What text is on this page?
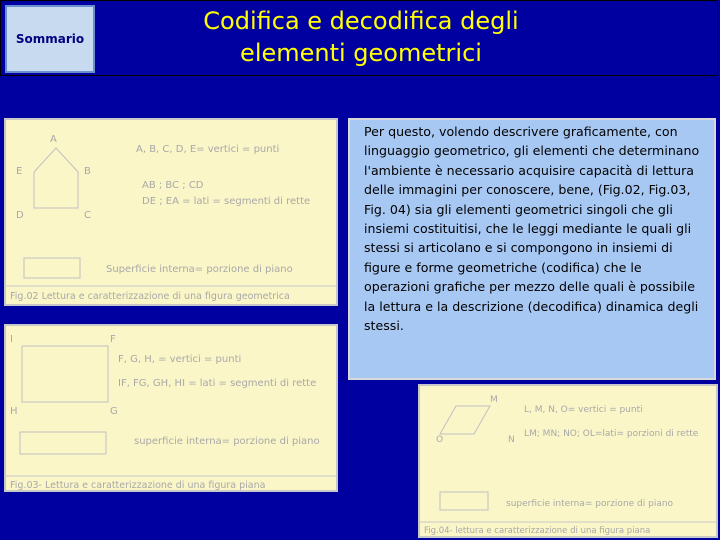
Sommario
Codifica e decodifica degli
elementi geometrici
A
E	B
D	C
A, B, C, D, E= vertici = punti
AB ; BC ; CD
DE ; EA = lati = segmenti di rette
Superficie interna= porzione di piano
Fig.02 Lettura e caratterizzazione di una figura geometrica
I	F
H	G
F, G, H, = vertici = punti
IF, FG, GH, HI = lati = segmenti di rette
superficie interna= porzione di piano
Fig.03- Lettura e caratterizzazione di una figura piana
Per questo, volendo descrivere graficamente, con linguaggio geometrico, gli elementi che determinano l'ambiente è necessario acquisire capacità di lettura delle immagini per conoscere, bene, (Fig.02, Fig.03, Fig. 04) sia gli elementi geometrici singoli che gli insiemi costituitisi, che le leggi mediante le quali gli stessi si articolano e si compongono in insiemi di figure e forme geometriche (codifica) che le operazioni grafiche per mezzo delle quali è possibile la lettura e la descrizione (decodifica) dinamica degli stessi.
M
O	N
L, M, N, O= vertici = punti
LM; MN; NO; OL=lati= porzioni di rette
superficie interna= porzione di piano
Fig.04- lettura e caratterizzazione di una figura piana
